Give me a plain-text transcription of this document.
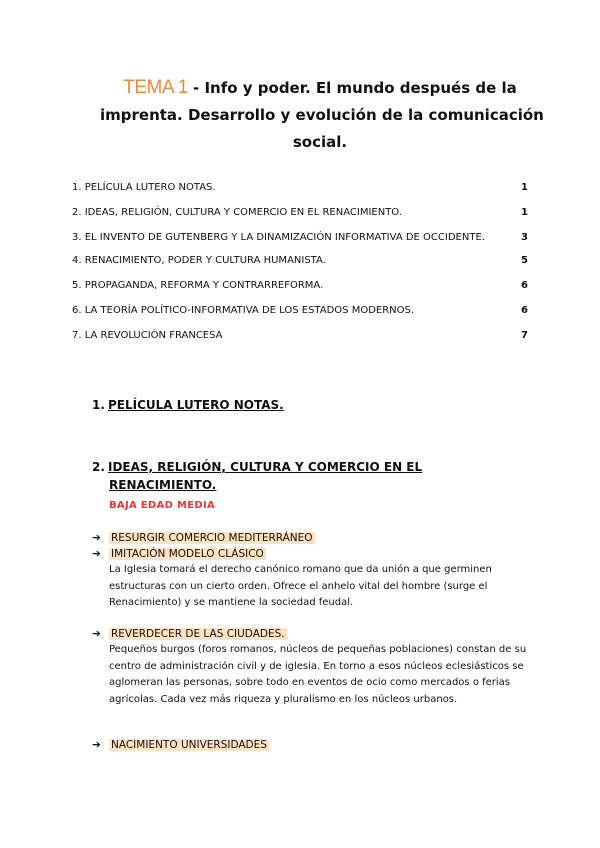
TEMA 1 - Info y poder. El mundo después de la
imprenta. Desarrollo y evolución de la comunicación
social.
1. PELÍCULA LUTERO NOTAS.	1
2. IDEAS, RELIGIÓN, CULTURA Y COMERCIO EN EL RENACIMIENTO.	1
3. EL INVENTO DE GUTENBERG Y LA DINAMIZACIÓN INFORMATIVA DE OCCIDENTE.	3
4. RENACIMIENTO, PODER Y CULTURA HUMANISTA.	5
5. PROPAGANDA, REFORMA Y CONTRARREFORMA.	6
6. LA TEORÍA POLÍTICO-INFORMATIVA DE LOS ESTADOS MODERNOS.	6
7. LA REVOLUCIÓN FRANCESA	7
1. PELÍCULA LUTERO NOTAS.
2. IDEAS, RELIGIÓN, CULTURA Y COMERCIO EN EL
RENACIMIENTO.
BAJA EDAD MEDIA
➔ RESURGIR COMERCIO MEDITERRÁNEO
➔ IMITACIÓN MODELO CLÁSICO
La Iglesia tomará el derecho canónico romano que da unión a que germinen estructuras con un cierto orden. Ofrece el anhelo vital del hombre (surge el Renacimiento) y se mantiene la sociedad feudal.
➔ REVERDECER DE LAS CIUDADES.
Pequeños burgos (foros romanos, núcleos de pequeñas poblaciones) constan de su centro de administración civil y de iglesia. En torno a esos núcleos eclesiásticos se aglomeran las personas, sobre todo en eventos de ocio como mercados o ferias agrícolas. Cada vez más riqueza y pluralismo en los núcleos urbanos.
➔ NACIMIENTO UNIVERSIDADES
